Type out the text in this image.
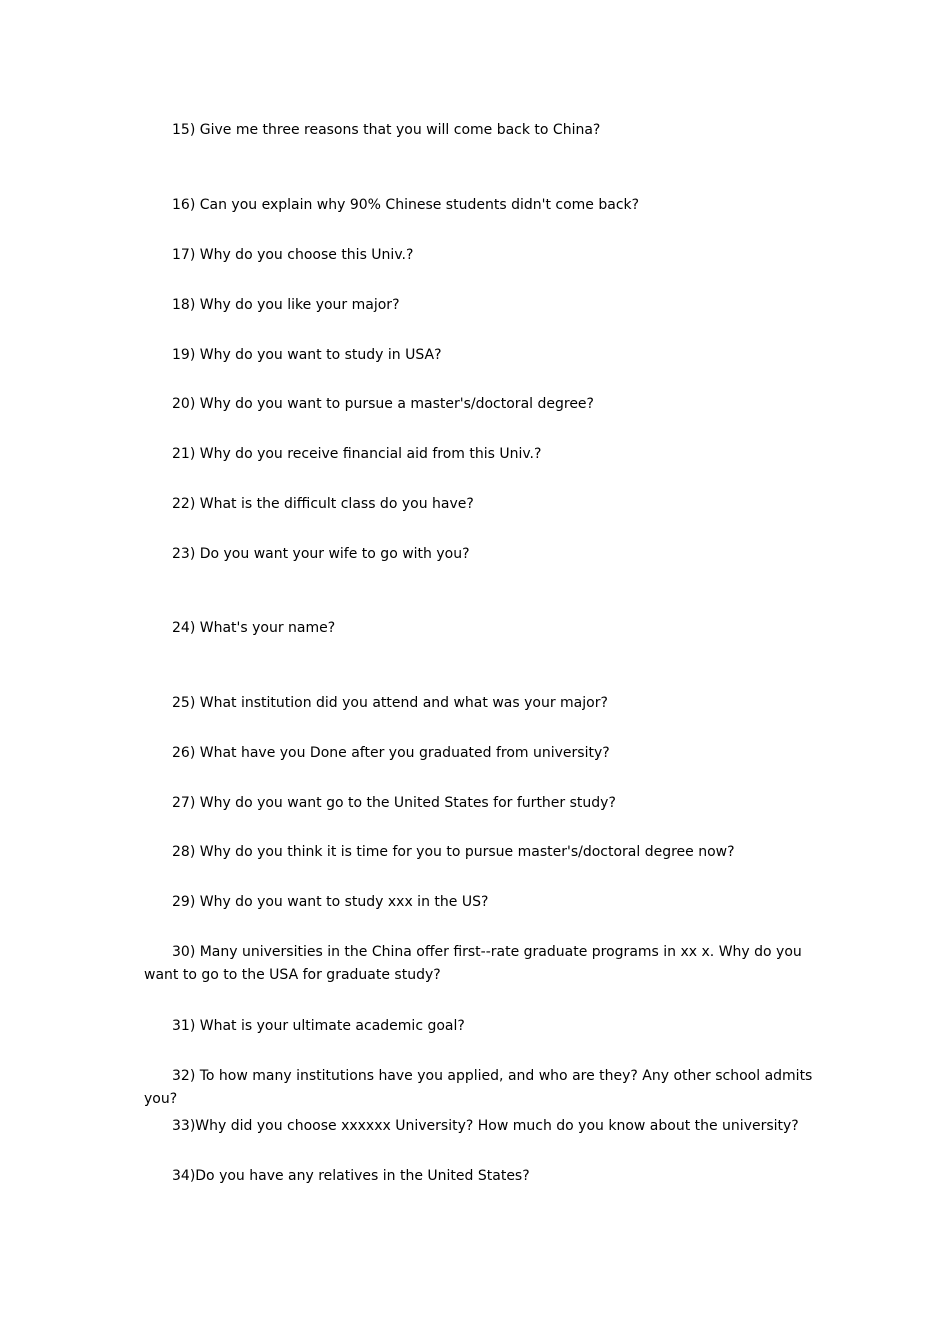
15) Give me three reasons that you will come back to China?

16) Can you explain why 90% Chinese students didn't come back?

17) Why do you choose this Univ.?

18) Why do you like your major?

19) Why do you want to study in USA?

20) Why do you want to pursue a master's/doctoral degree?

21) Why do you receive financial aid from this Univ.?

22) What is the difficult class do you have?

23) Do you want your wife to go with you?

24) What's your name?

25) What institution did you attend and what was your major?

26) What have you Done after you graduated from university?

27) Why do you want go to the United States for further study?

28) Why do you think it is time for you to pursue master's/doctoral degree now?

29) Why do you want to study xxx in the US?

30) Many universities in the China offer first--rate graduate programs in xx x. Why do you want to go to the USA for graduate study?

31) What is your ultimate academic goal?

32) To how many institutions have you applied, and who are they? Any other school admits you?

33)Why did you choose xxxxxx University? How much do you know about the university?

34)Do you have any relatives in the United States?
